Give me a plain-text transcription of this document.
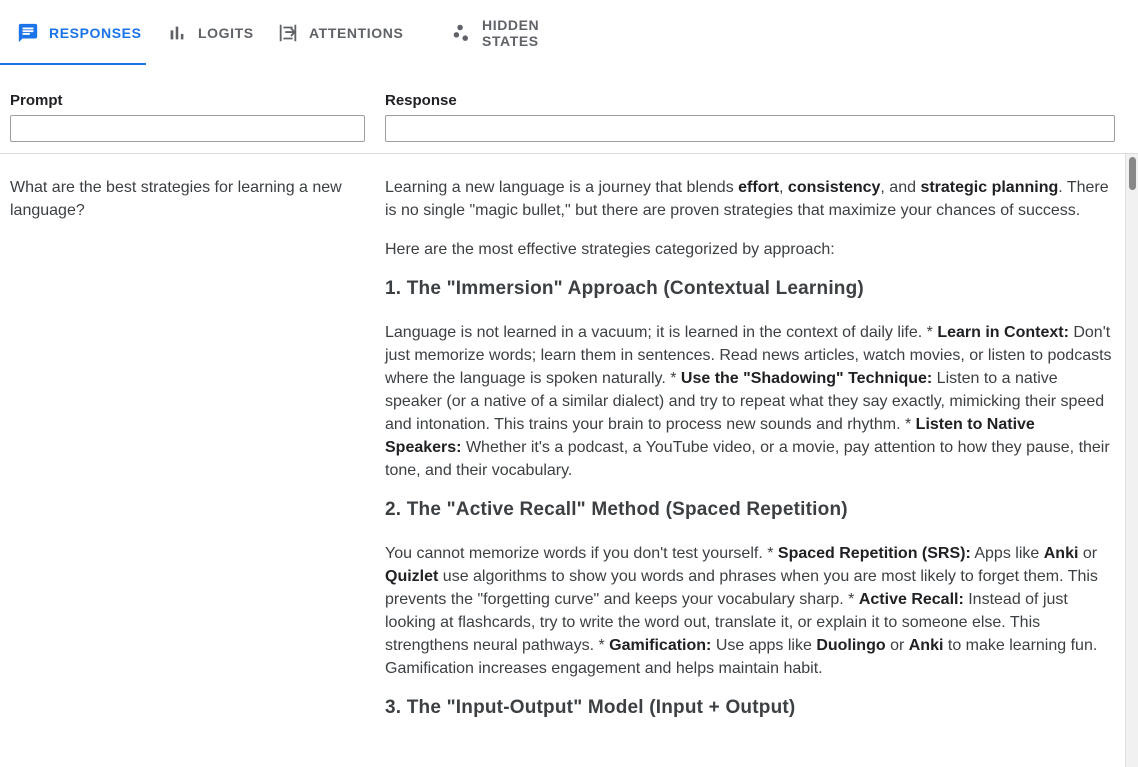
RESPONSES	LOGITS	ATTENTIONS	HIDDEN STATES
Prompt	Response
What are the best strategies for learning a new language?

Learning a new language is a journey that blends effort, consistency, and strategic planning. There is no single "magic bullet," but there are proven strategies that maximize your chances of success.

Here are the most effective strategies categorized by approach:

1. The "Immersion" Approach (Contextual Learning)

Language is not learned in a vacuum; it is learned in the context of daily life. * Learn in Context: Don't just memorize words; learn them in sentences. Read news articles, watch movies, or listen to podcasts where the language is spoken naturally. * Use the "Shadowing" Technique: Listen to a native speaker (or a native of a similar dialect) and try to repeat what they say exactly, mimicking their speed and intonation. This trains your brain to process new sounds and rhythm. * Listen to Native Speakers: Whether it's a podcast, a YouTube video, or a movie, pay attention to how they pause, their tone, and their vocabulary.

2. The "Active Recall" Method (Spaced Repetition)

You cannot memorize words if you don't test yourself. * Spaced Repetition (SRS): Apps like Anki or Quizlet use algorithms to show you words and phrases when you are most likely to forget them. This prevents the "forgetting curve" and keeps your vocabulary sharp. * Active Recall: Instead of just looking at flashcards, try to write the word out, translate it, or explain it to someone else. This strengthens neural pathways. * Gamification: Use apps like Duolingo or Anki to make learning fun. Gamification increases engagement and helps maintain habit.

3. The "Input‑Output" Model (Input + Output)
